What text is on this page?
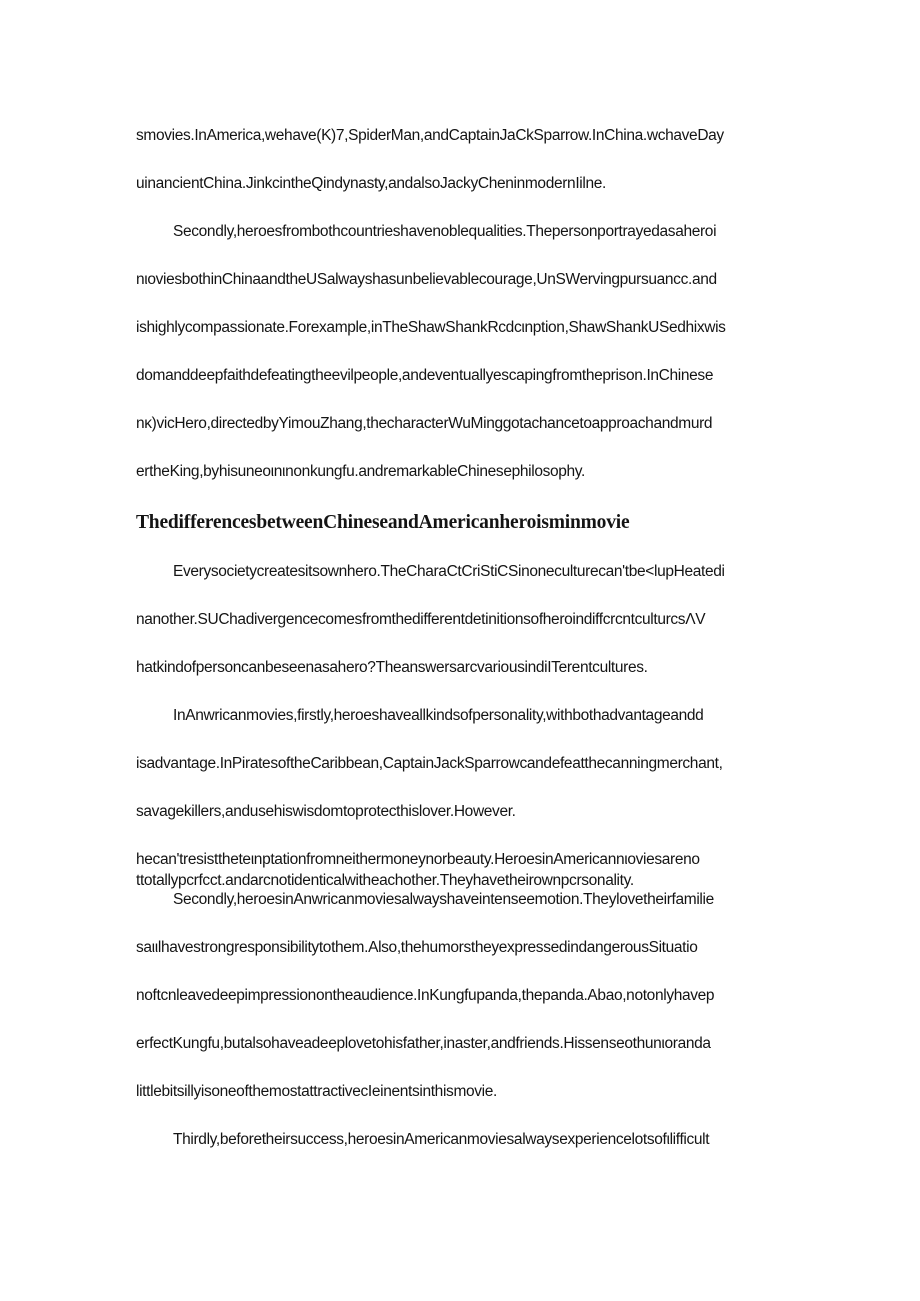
smovies.InAmerica,wehave(K)7,SpiderMan,andCaptainJaCkSparrow.InChina.wchaveDay
uinancientChina.JinkcintheQindynasty,andalsoJackyCheninmodernIilne.
Secondly,heroesfrombothcountrieshavenoblequalities.Thepersonportrayedasaheroi
nιoviesbothinChinaandtheUSalwayshasunbelievablecourage,UnSWervingpursuancc.and
ishighlycompassionate.Forexample,inTheShawShankRcdcιnption,ShawShankUSedhixwis
domanddeepfaithdefeatingtheevilpeople,andeventuallyescapingfromtheprison.InChinese
nκ)vicHero,directedbyYimouZhang,thecharacterWuMinggotachancetoapproachandmurd
ertheKing,byhisuneoιnιnonkungfu.andremarkableChinesephilosophy.
ThedifferencesbetweenChineseandAmericanheroisminmovie
Everysocietycreatesitsownhero.TheCharaCtCriStiCSinoneculturecan'tbe<lupHeatedi
nanother.SUChadivergencecomesfromthedifferentdetinitionsofheroindiffcrcntculturcsΛV
hatkindofpersoncanbeseenasahero?TheanswersarcvariousindiITerentcultures.
InAnwricanmovies,firstly,heroeshaveallkindsofpersonality,withbothadvantageandd
isadvantage.InPiratesoftheCaribbean,CaptainJackSparrowcandefeatthecanningmerchant,
savagekillers,andusehiswisdomtoprotecthislover.However.
hecan'tresisttheteιnptationfromneithermoneynorbeauty.HeroesinAmericannιoviesareno
ttotallypcrfcct.andarcnotidenticalwitheachother.Theyhavetheirownpcrsonality.
Secondly,heroesinAnwricanmoviesalwayshaveintenseemotion.Theylovetheirfamilie
saιιlhavestrongresponsibilitytothem.Also,thehumorstheyexpressedindangerousSituatio
noftcnleavedeepimpressionontheaudience.InKungfupanda,thepanda.Abao,notonlyhavep
erfectKungfu,butalsohaveadeeplovetohisfather,inaster,andfriends.Hissenseothunιoranda
littlebitsillyisoneofthemostattractivecIeinentsinthismovie.
Thirdly,beforetheirsuccess,heroesinAmericanmoviesalwaysexperiencelotsofιlifficult
